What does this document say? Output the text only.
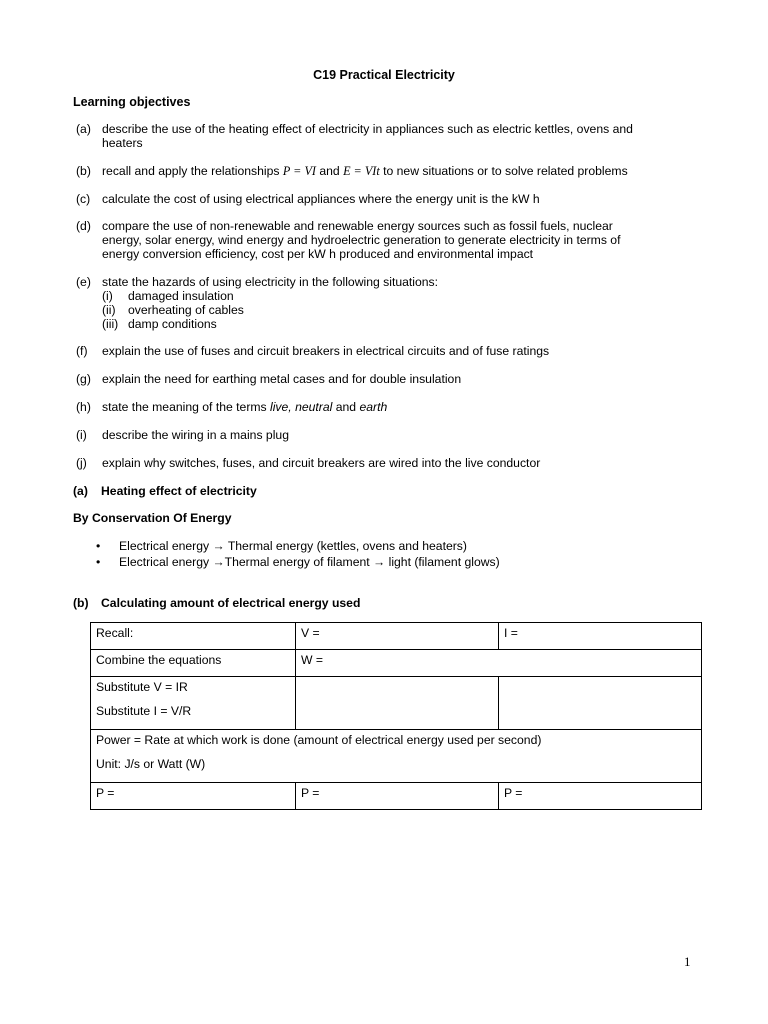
C19 Practical Electricity
Learning objectives
(a) describe the use of the heating effect of electricity in appliances such as electric kettles, ovens and heaters
(b) recall and apply the relationships P = VI and E = VIt to new situations or to solve related problems
(c) calculate the cost of using electrical appliances where the energy unit is the kW h
(d) compare the use of non-renewable and renewable energy sources such as fossil fuels, nuclear energy, solar energy, wind energy and hydroelectric generation to generate electricity in terms of energy conversion efficiency, cost per kW h produced and environmental impact
(e) state the hazards of using electricity in the following situations:
(i) damaged insulation
(ii) overheating of cables
(iii) damp conditions
(f) explain the use of fuses and circuit breakers in electrical circuits and of fuse ratings
(g) explain the need for earthing metal cases and for double insulation
(h) state the meaning of the terms live, neutral and earth
(i) describe the wiring in a mains plug
(j) explain why switches, fuses, and circuit breakers are wired into the live conductor
(a) Heating effect of electricity
By Conservation Of Energy
• Electrical energy → Thermal energy (kettles, ovens and heaters)
• Electrical energy →Thermal energy of filament → light (filament glows)
(b) Calculating amount of electrical energy used
Recall:	V =	I =
Combine the equations	W =	

Substitute V = IR
Substitute I = V/R		

Power = Rate at which work is done (amount of electrical energy used per second)
Unit: J/s or Watt (W)		

P =	P =	P =
1
